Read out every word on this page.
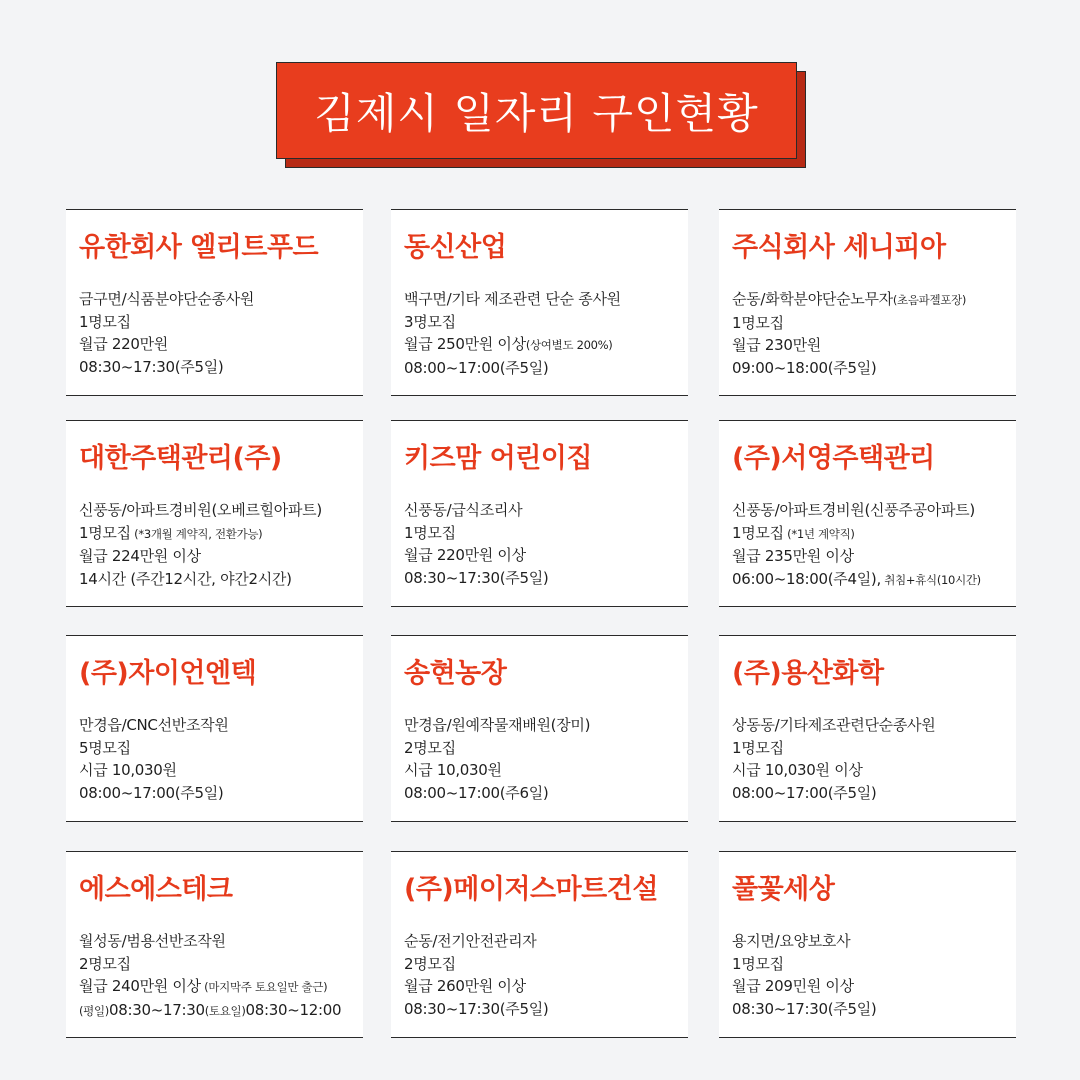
김제시 일자리 구인현황
유한회사 엘리트푸드
금구면/식품분야단순종사원
1명모집
월급 220만원
08:30~17:30(주5일)
동신산업
백구면/기타 제조관련 단순 종사원
3명모집
월급 250만원 이상(상여별도 200%)
08:00~17:00(주5일)
주식회사 세니피아
순동/화학분야단순노무자(초음파젤포장)
1명모집
월급 230만원
09:00~18:00(주5일)
대한주택관리(주)
신풍동/아파트경비원(오베르힐아파트)
1명모집 (*3개월 계약직, 전환가능)
월급 224만원 이상
14시간 (주간12시간, 야간2시간)
키즈맘 어린이집
신풍동/급식조리사
1명모집
월급 220만원 이상
08:30~17:30(주5일)
(주)서영주택관리
신풍동/아파트경비원(신풍주공아파트)
1명모집 (*1년 계약직)
월급 235만원 이상
06:00~18:00(주4일), 취침+휴식(10시간)
(주)자이언엔텍
만경읍/CNC선반조작원
5명모집
시급 10,030원
08:00~17:00(주5일)
송현농장
만경읍/원예작물재배원(장미)
2명모집
시급 10,030원
08:00~17:00(주6일)
(주)용산화학
상동동/기타제조관련단순종사원
1명모집
시급 10,030원 이상
08:00~17:00(주5일)
에스에스테크
월성동/범용선반조작원
2명모집
월급 240만원 이상 (마지막주 토요일만 출근)
(평일)08:30~17:30(토요일)08:30~12:00
(주)메이저스마트건설
순동/전기안전관리자
2명모집
월급 260만원 이상
08:30~17:30(주5일)
풀꽃세상
용지면/요양보호사
1명모집
월급 209민원 이상
08:30~17:30(주5일)
